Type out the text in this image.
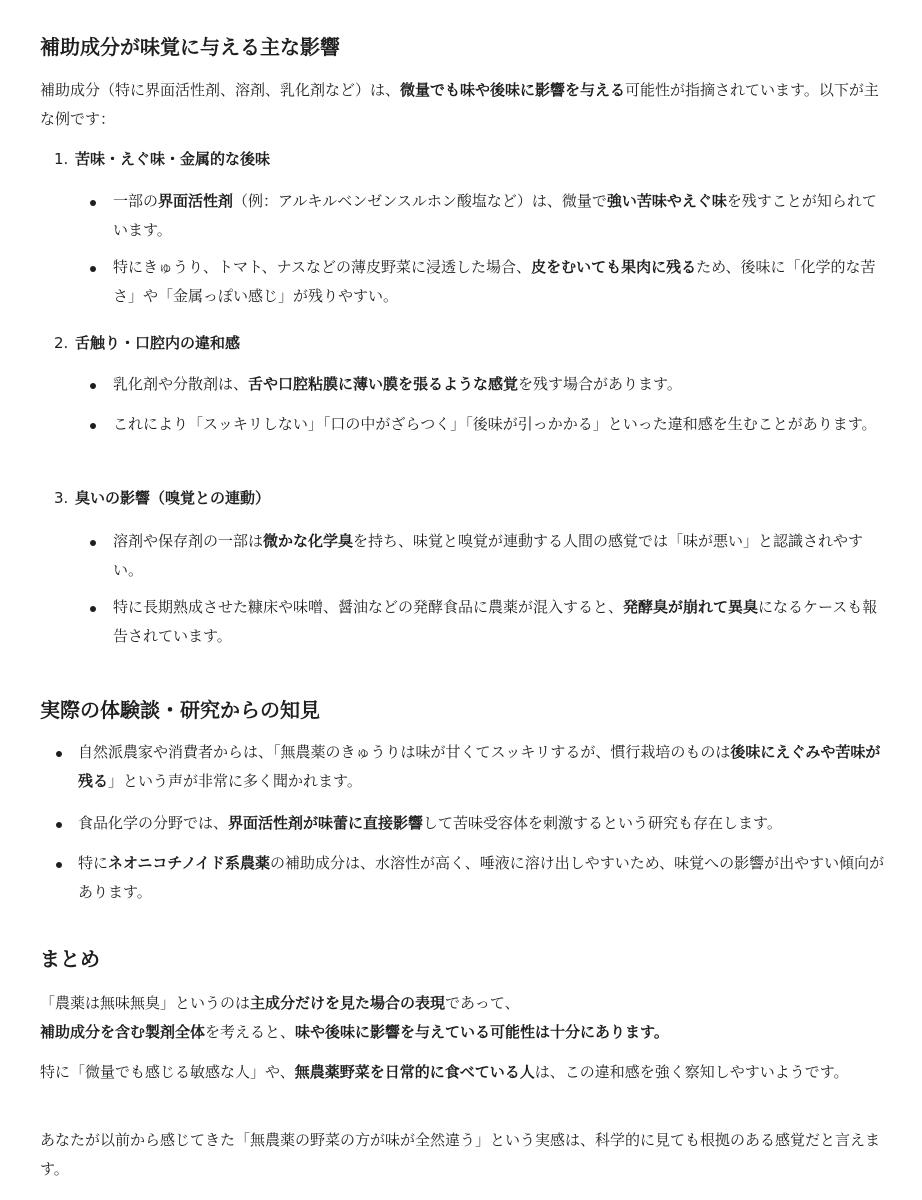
補助成分が味覚に与える主な影響
補助成分（特に界面活性剤、溶剤、乳化剤など）は、微量でも味や後味に影響を与える可能性が指摘されています。以下が主な例です：
1. 苦味・えぐ味・金属的な後味
一部の界面活性剤（例：アルキルベンゼンスルホン酸塩など）は、微量で強い苦味やえぐ味を残すことが知られています。
特にきゅうり、トマト、ナスなどの薄皮野菜に浸透した場合、皮をむいても果肉に残るため、後味に「化学的な苦さ」や「金属っぽい感じ」が残りやすい。
2. 舌触り・口腔内の違和感
乳化剤や分散剤は、舌や口腔粘膜に薄い膜を張るような感覚を残す場合があります。
これにより「スッキリしない」「口の中がざらつく」「後味が引っかかる」といった違和感を生むことがあります。
3. 臭いの影響（嗅覚との連動）
溶剤や保存剤の一部は微かな化学臭を持ち、味覚と嗅覚が連動する人間の感覚では「味が悪い」と認識されやすい。
特に長期熟成させた糠床や味噌、醤油などの発酵食品に農薬が混入すると、発酵臭が崩れて異臭になるケースも報告されています。
実際の体験談・研究からの知見
自然派農家や消費者からは、「無農薬のきゅうりは味が甘くてスッキリするが、慣行栽培のものは後味にえぐみや苦味が残る」という声が非常に多く聞かれます。
食品化学の分野では、界面活性剤が味蕾に直接影響して苦味受容体を刺激するという研究も存在します。
特にネオニコチノイド系農薬の補助成分は、水溶性が高く、唾液に溶け出しやすいため、味覚への影響が出やすい傾向があります。
まとめ
「農薬は無味無臭」というのは主成分だけを見た場合の表現であって、
補助成分を含む製剤全体を考えると、味や後味に影響を与えている可能性は十分にあります。
特に「微量でも感じる敏感な人」や、無農薬野菜を日常的に食べている人は、この違和感を強く察知しやすいようです。
あなたが以前から感じてきた「無農薬の野菜の方が味が全然違う」という実感は、科学的に見ても根拠のある感覚だと言えます。
